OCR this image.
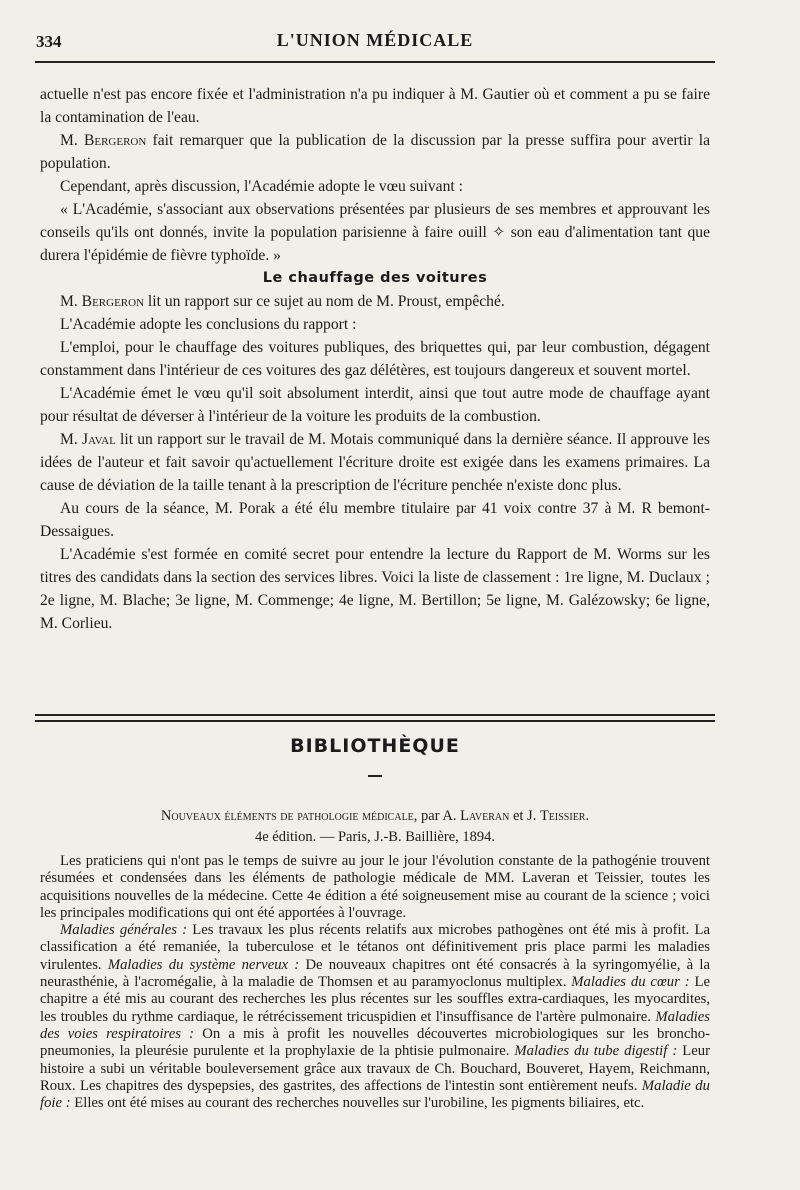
334	L'UNION MÉDICALE

actuelle n'est pas encore fixée et l'administration n'a pu indiquer à M. Gautier où et comment a pu se faire la contamination de l'eau.

M. Bergeron fait remarquer que la publication de la discussion par la presse suffira pour avertir la population.

Cependant, après discussion, l'Académie adopte le vœu suivant :

« L'Académie, s'associant aux observations présentées par plusieurs de ses membres et approuvant les conseils qu'ils ont donnés, invite la population parisienne à faire ouill ✧ son eau d'alimentation tant que durera l'épidémie de fièvre typhoïde. »

Le chauffage des voitures

M. Bergeron lit un rapport sur ce sujet au nom de M. Proust, empêché.

L'Académie adopte les conclusions du rapport :

L'emploi, pour le chauffage des voitures publiques, des briquettes qui, par leur combustion, dégagent constamment dans l'intérieur de ces voitures des gaz délétères, est toujours dangereux et souvent mortel.

L'Académie émet le vœu qu'il soit absolument interdit, ainsi que tout autre mode de chauffage ayant pour résultat de déverser à l'intérieur de la voiture les produits de la combustion.

M. Javal lit un rapport sur le travail de M. Motais communiqué dans la dernière séance. Il approuve les idées de l'auteur et fait savoir qu'actuellement l'écriture droite est exigée dans les examens primaires. La cause de déviation de la taille tenant à la prescription de l'écriture penchée n'existe donc plus.

Au cours de la séance, M. Porak a été élu membre titulaire par 41 voix contre 37 à M. R bemont-Dessaigues.

L'Académie s'est formée en comité secret pour entendre la lecture du Rapport de M. Worms sur les titres des candidats dans la section des services libres. Voici la liste de classement : 1re ligne, M. Duclaux ; 2e ligne, M. Blache; 3e ligne, M. Commenge; 4e ligne, M. Bertillon; 5e ligne, M. Galézowsky; 6e ligne, M. Corlieu.

BIBLIOTHÈQUE
Nouveaux éléments de pathologie médicale, par A. Laveran et J. Teissier.
4e édition. — Paris, J.-B. Baillière, 1894.

Les praticiens qui n'ont pas le temps de suivre au jour le jour l'évolution constante de la pathogénie trouvent résumées et condensées dans les éléments de pathologie médicale de MM. Laveran et Teissier, toutes les acquisitions nouvelles de la médecine. Cette 4e édition a été soigneusement mise au courant de la science ; voici les principales modifications qui ont été apportées à l'ouvrage.

Maladies générales : Les travaux les plus récents relatifs aux microbes pathogènes ont été mis à profit. La classification a été remaniée, la tuberculose et le tétanos ont définitivement pris place parmi les maladies virulentes. Maladies du système nerveux : De nouveaux chapitres ont été consacrés à la syringomyélie, à la neurasthénie, à l'acromégalie, à la maladie de Thomsen et au paramyoclonus multiplex. Maladies du cœur : Le chapitre a été mis au courant des recherches les plus récentes sur les souffles extra-cardiaques, les myocardites, les troubles du rythme cardiaque, le rétrécissement tricuspidien et l'insuffisance de l'artère pulmonaire. Maladies des voies respiratoires : On a mis à profit les nouvelles découvertes microbiologiques sur les broncho-pneumonies, la pleurésie purulente et la prophylaxie de la phtisie pulmonaire. Maladies du tube digestif : Leur histoire a subi un véritable bouleversement grâce aux travaux de Ch. Bouchard, Bouveret, Hayem, Reichmann, Roux. Les chapitres des dyspepsies, des gastrites, des affections de l'intestin sont entièrement neufs. Maladie du foie : Elles ont été mises au courant des recherches nouvelles sur l'urobiline, les pigments biliaires, etc.
